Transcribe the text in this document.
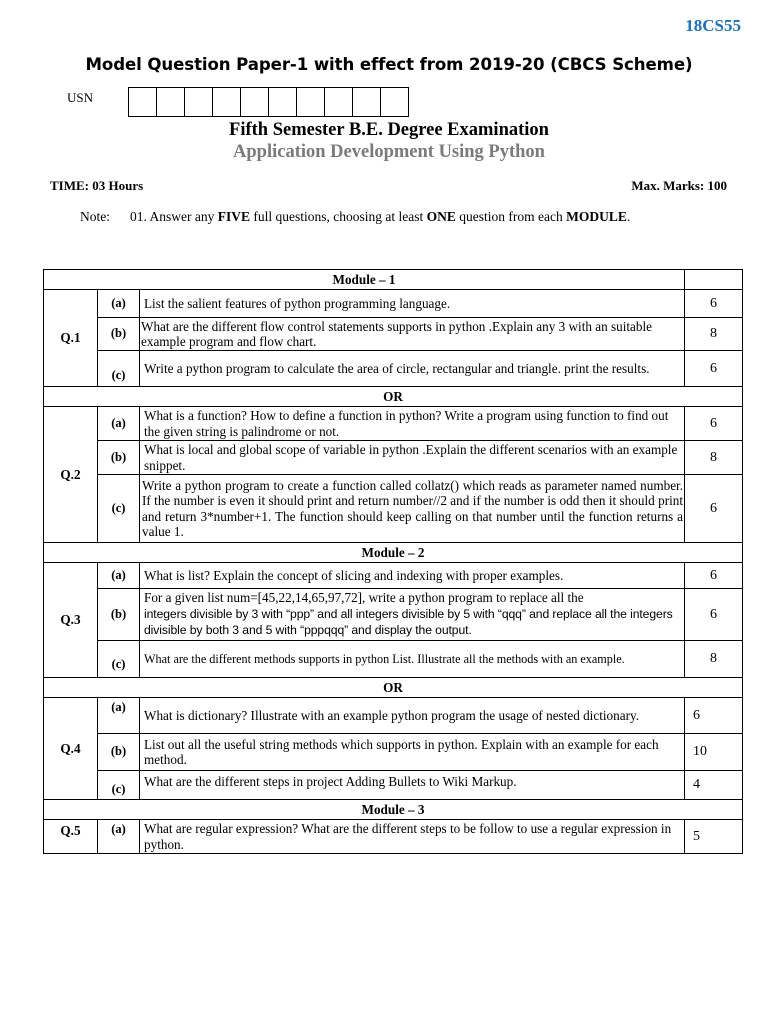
18CS55
Model Question Paper-1 with effect from 2019-20 (CBCS Scheme)
USN
Fifth Semester B.E. Degree Examination
Application Development Using Python
TIME: 03 Hours	Max. Marks: 100
Note: 01. Answer any FIVE full questions, choosing at least ONE question from each MODULE.
Module – 1			
Q.1	(a)	List the salient features of python programming language.	6
	(b)	What are the different flow control statements supports in python .Explain any 3 with an suitable example program and flow chart.	8
	(c)	Write a python program to calculate the area of circle, rectangular and triangle. print the results.	6
OR			
Q.2	(a)	What is a function? How to define a function in python? Write a program using function to find out the given string is palindrome or not.	6
	(b)	What is local and global scope of variable in python .Explain the different scenarios with an example snippet.	8
	(c)	Write a python program to create a function called collatz() which reads as parameter named number. If the number is even it should print and return number//2 and if the number is odd then it should print and return 3*number+1. The function should keep calling on that number until the function returns a value 1.	6
Module – 2			
Q.3	(a)	What is list? Explain the concept of slicing and indexing with proper examples.	6
	(b)	For a given list num=[45,22,14,65,97,72], write a python program to replace all the
integers divisible by 3 with “ppp” and all integers divisible by 5 with “qqq” and replace all the integers divisible by both 3 and 5 with “pppqqq” and display the output.	6
	(c)	What are the different methods supports in python List. Illustrate all the methods with an example.	8
OR			
Q.4	(a)	What is dictionary? Illustrate with an example python program the usage of nested dictionary.	6
	(b)	List out all the useful string methods which supports in python. Explain with an example for each method.	10
	(c)	What are the different steps in project Adding Bullets to Wiki Markup.	4
Module – 3			
Q.5	(a)	What are regular expression? What are the different steps to be follow to use a regular expression in python.	5
